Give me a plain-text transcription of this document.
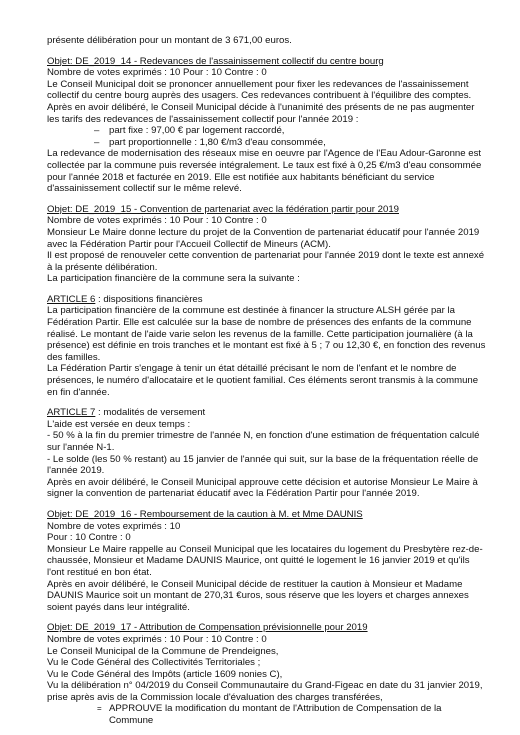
présente délibération pour un montant de 3 671,00 euros.

Objet: DE_2019_14 - Redevances de l'assainissement collectif du centre bourg

Nombre de votes exprimés : 10 Pour : 10 Contre : 0

Le Conseil Municipal doit se prononcer annuellement pour fixer les redevances de l'assainissement collectif du centre bourg auprès des usagers. Ces redevances contribuent à l'équilibre des comptes.

Après en avoir délibéré, le Conseil Municipal décide à l'unanimité des présents de ne pas augmenter les tarifs des redevances de l'assainissement collectif pour l'année 2019 :

– part fixe : 97,00 € par logement raccordé,

– part proportionnelle : 1,80 €/m3 d'eau consommée,

La redevance de modernisation des réseaux mise en oeuvre par l'Agence de l'Eau Adour-Garonne est collectée par la commune puis reversée intégralement. Le taux est fixé à 0,25 €/m3 d'eau consommée pour l'année 2018 et facturée en 2019. Elle est notifiée aux habitants bénéficiant du service d'assainissement collectif sur le même relevé.

Objet: DE_2019_15 - Convention de partenariat avec la fédération partir pour 2019

Nombre de votes exprimés : 10 Pour : 10 Contre : 0

Monsieur Le Maire donne lecture du projet de la Convention de partenariat éducatif pour l'année 2019 avec la Fédération Partir pour l'Accueil Collectif de Mineurs (ACM).

Il est proposé de renouveler cette convention de partenariat pour l'année 2019 dont le texte est annexé à la présente délibération.

La participation financière de la commune sera la suivante :

ARTICLE 6 : dispositions financières

La participation financière de la commune est destinée à financer la structure ALSH gérée par la Fédération Partir. Elle est calculée sur la base de nombre de présences des enfants de la commune réalisé. Le montant de l'aide varie selon les revenus de la famille. Cette participation journalière (à la présence) est définie en trois tranches et le montant est fixé à 5 ; 7 ou 12,30 €, en fonction des revenus des familles.

La Fédération Partir s'engage à tenir un état détaillé précisant le nom de l'enfant et le nombre de présences, le numéro d'allocataire et le quotient familial. Ces éléments seront transmis à la commune en fin d'année.

ARTICLE 7 : modalités de versement

L'aide est versée en deux temps :

- 50 % à la fin du premier trimestre de l'année N, en fonction d'une estimation de fréquentation calculé sur l'année N-1.

- Le solde (les 50 % restant) au 15 janvier de l'année qui suit, sur la base de la fréquentation réelle de l'année 2019.

Après en avoir délibéré, le Conseil Municipal approuve cette décision et autorise Monsieur Le Maire à signer la convention de partenariat éducatif avec la Fédération Partir pour l'année 2019.

Objet: DE_2019_16 - Remboursement de la caution à M. et Mme DAUNIS

Nombre de votes exprimés : 10

Pour : 10 Contre : 0

Monsieur Le Maire rappelle au Conseil Municipal que les locataires du logement du Presbytère rez-de-chaussée, Monsieur et Madame DAUNIS Maurice, ont quitté le logement le 16 janvier 2019 et qu'ils l'ont restitué en bon état.

Après en avoir délibéré, le Conseil Municipal décide de restituer la caution à Monsieur et Madame DAUNIS Maurice soit un montant de 270,31 €uros, sous réserve que les loyers et charges annexes soient payés dans leur intégralité.

Objet: DE_2019_17 - Attribution de Compensation prévisionnelle pour 2019

Nombre de votes exprimés : 10 Pour : 10 Contre : 0

Le Conseil Municipal de la Commune de Prendeignes,

Vu le Code Général des Collectivités Territoriales ;

Vu le Code Général des Impôts (article 1609 nonies C),

Vu la délibération n° 04/2019 du Conseil Communautaire du Grand-Figeac en date du 31 janvier 2019, prise après avis de la Commission locale d'évaluation des charges transférées,

= APPROUVE la modification du montant de l'Attribution de Compensation de la Commune
